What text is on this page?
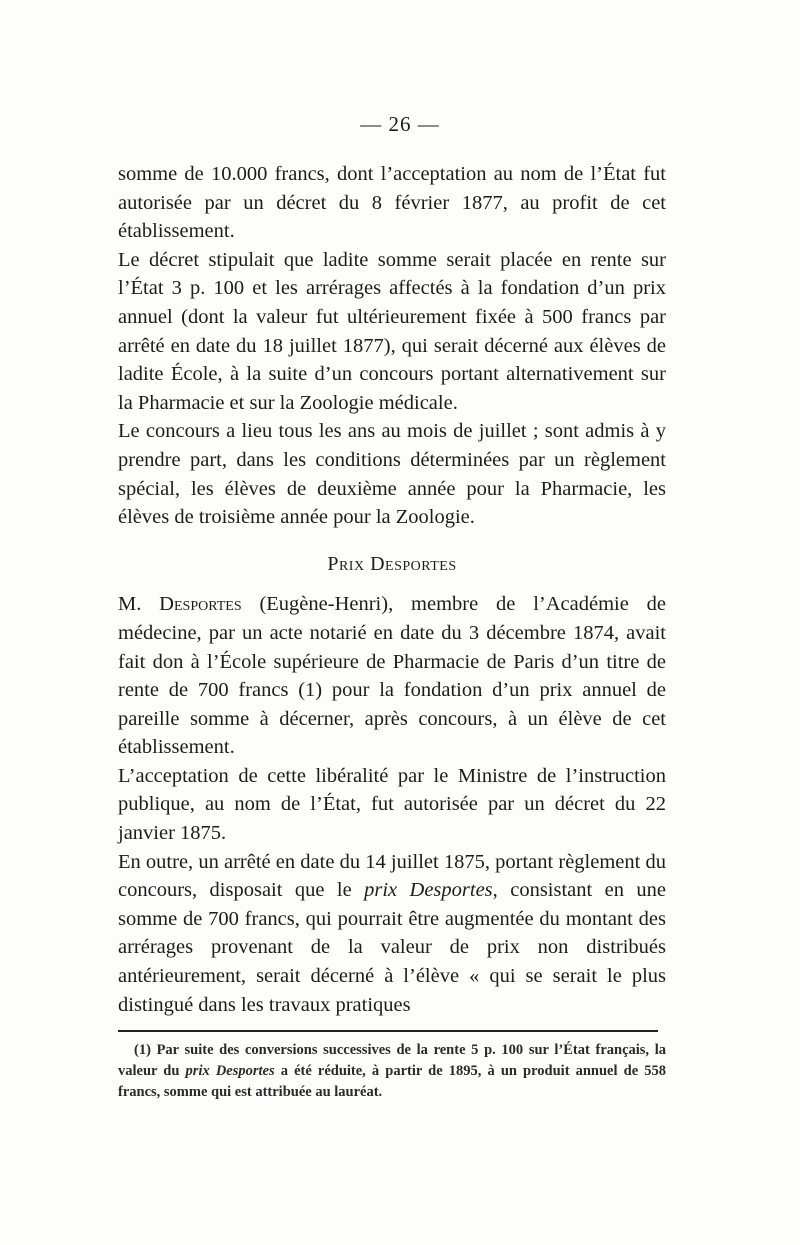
— 26 —

somme de 10.000 francs, dont l’acceptation au nom de l’État fut autorisée par un décret du 8 février 1877, au profit de cet établissement.

Le décret stipulait que ladite somme serait placée en rente sur l’État 3 p. 100 et les arrérages affectés à la fondation d’un prix annuel (dont la valeur fut ultérieurement fixée à 500 francs par arrêté en date du 18 juillet 1877), qui serait décerné aux élèves de ladite École, à la suite d’un concours portant alternativement sur la Pharmacie et sur la Zoologie médicale.

Le concours a lieu tous les ans au mois de juillet ; sont admis à y prendre part, dans les conditions déterminées par un règlement spécial, les élèves de deuxième année pour la Pharmacie, les élèves de troisième année pour la Zoologie.

Prix Desportes

M. Desportes (Eugène-Henri), membre de l’Académie de médecine, par un acte notarié en date du 3 décembre 1874, avait fait don à l’École supérieure de Pharmacie de Paris d’un titre de rente de 700 francs (1) pour la fondation d’un prix annuel de pareille somme à décerner, après concours, à un élève de cet établissement.

L’acceptation de cette libéralité par le Ministre de l’instruction publique, au nom de l’État, fut autorisée par un décret du 22 janvier 1875.

En outre, un arrêté en date du 14 juillet 1875, portant règlement du concours, disposait que le prix Desportes, consistant en une somme de 700 francs, qui pourrait être augmentée du montant des arrérages provenant de la valeur de prix non distribués antérieurement, serait décerné à l’élève « qui se serait le plus distingué dans les travaux pratiques

(1) Par suite des conversions successives de la rente 5 p. 100 sur l’État français, la valeur du prix Desportes a été réduite, à partir de 1895, à un produit annuel de 558 francs, somme qui est attribuée au lauréat.
